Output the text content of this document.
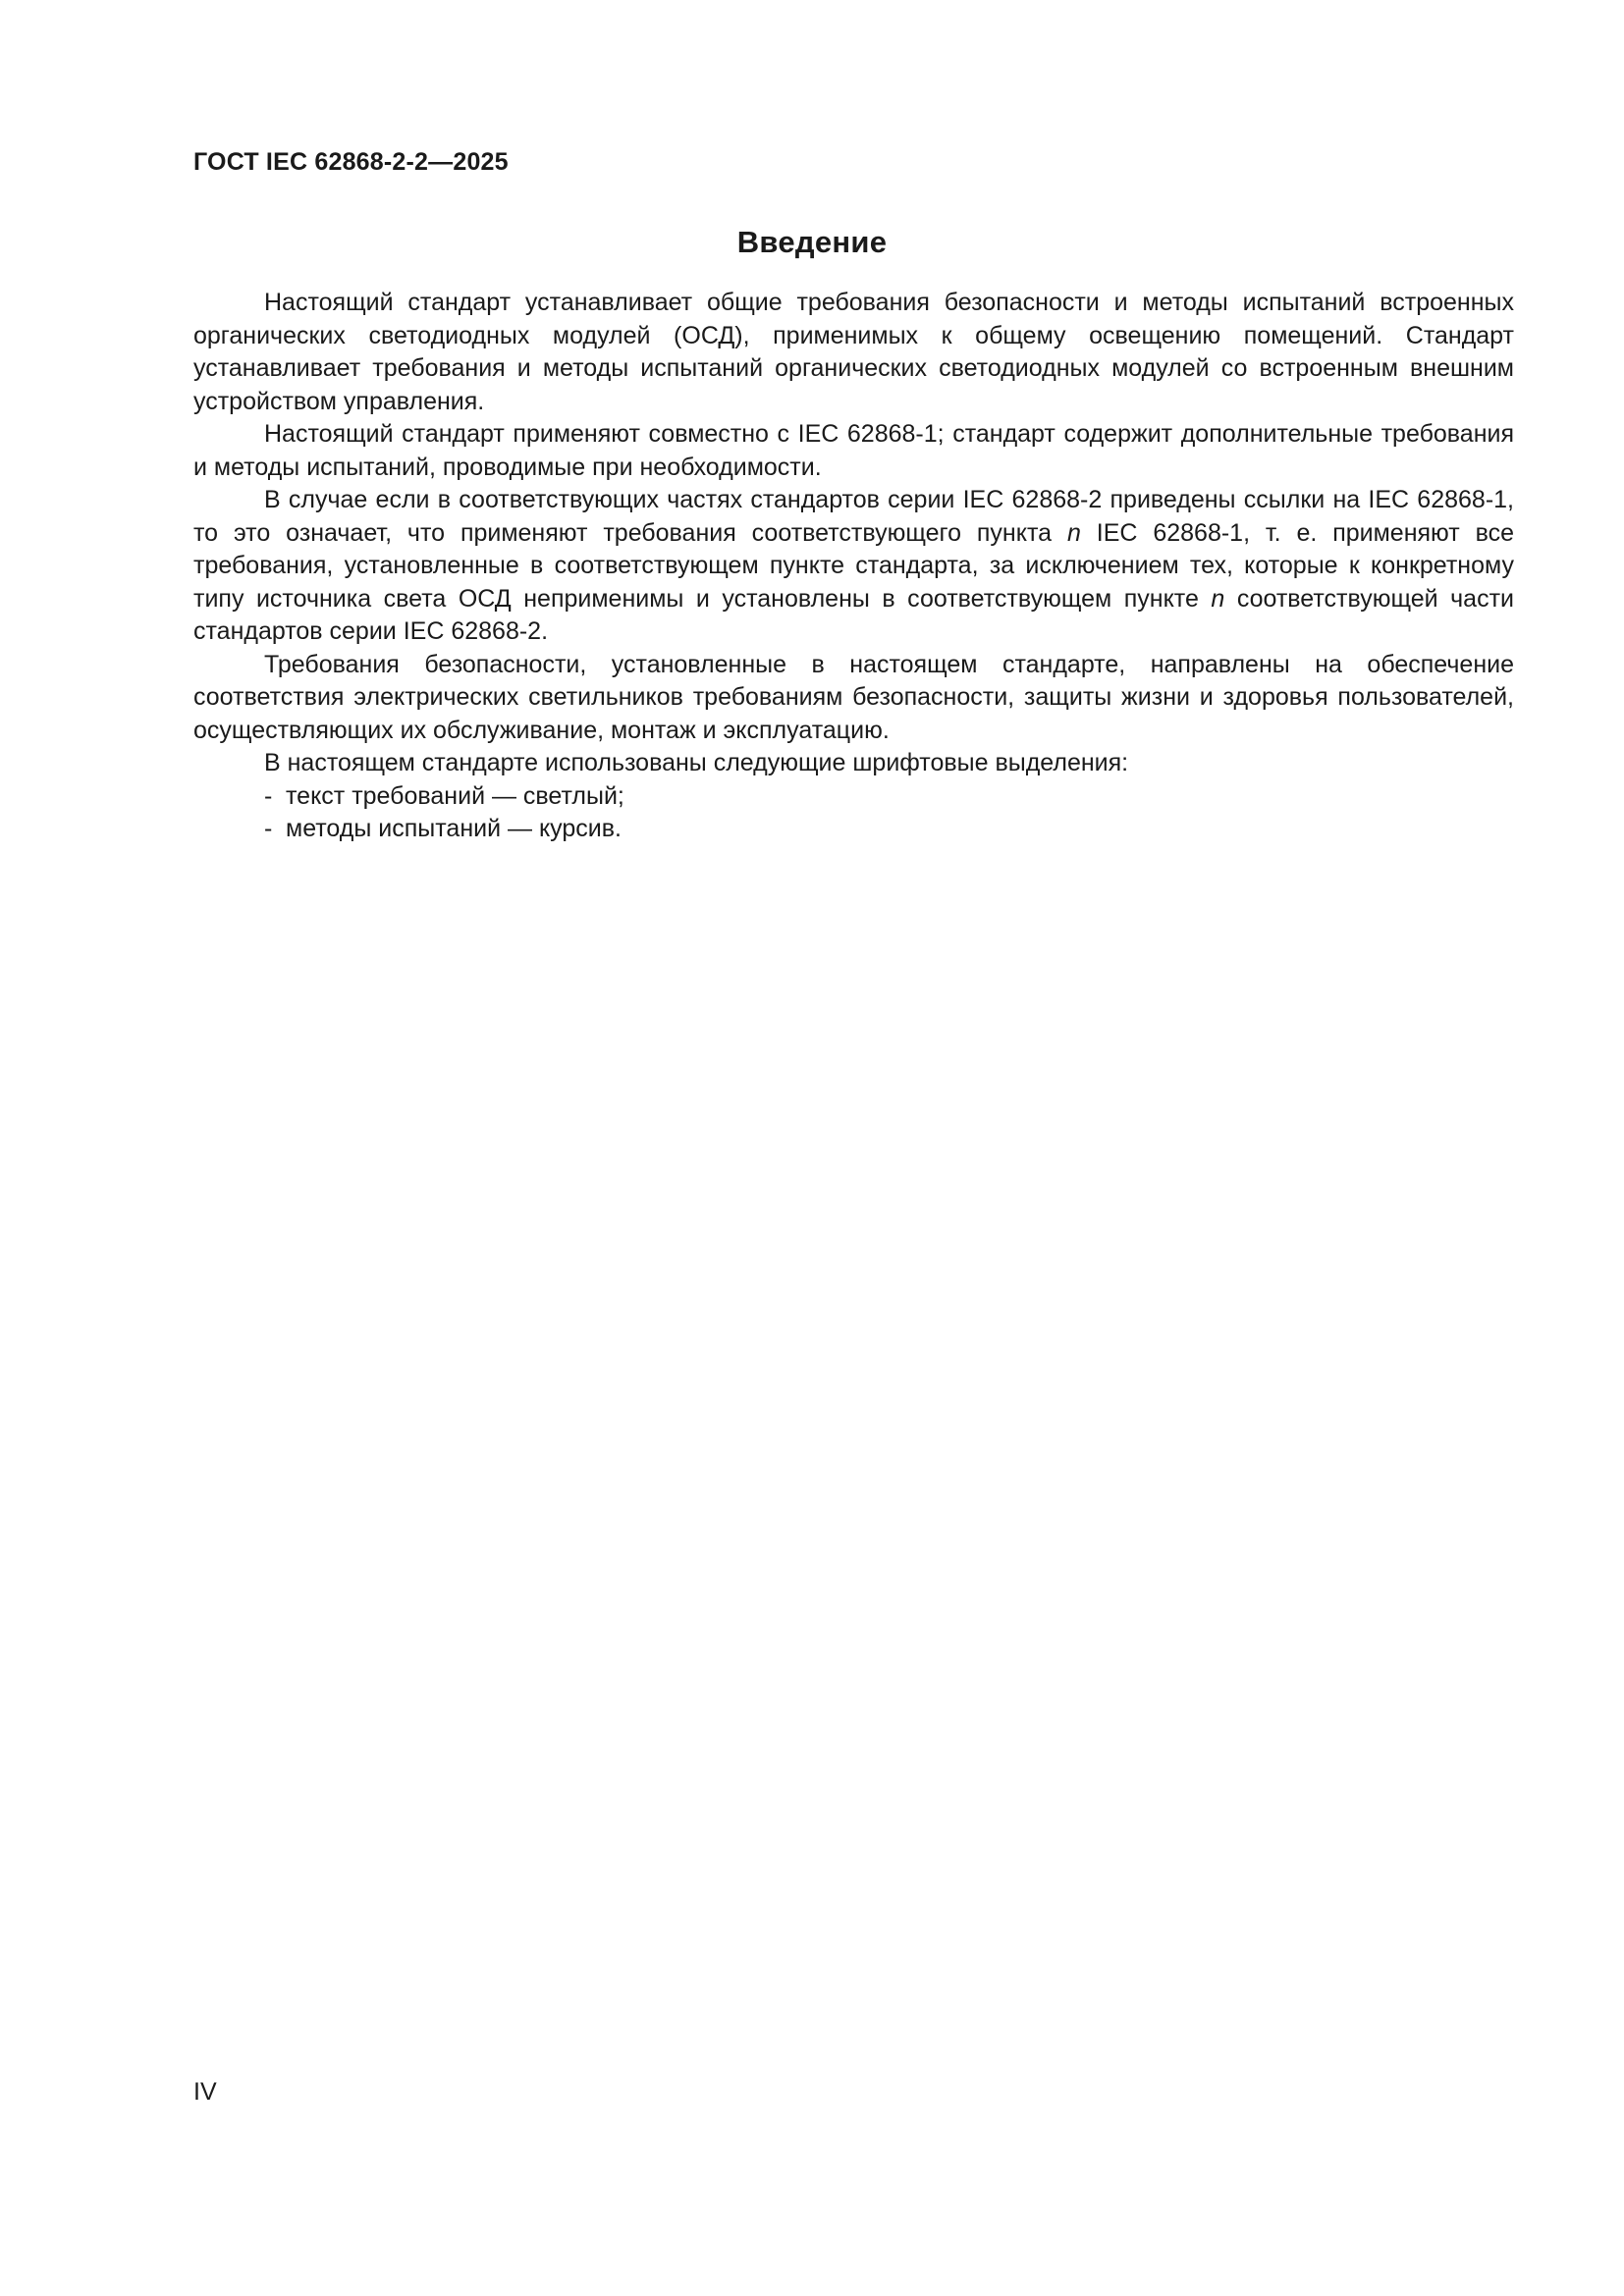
ГОСТ IEC 62868-2-2—2025
Введение

Настоящий стандарт устанавливает общие требования безопасности и методы испытаний встроенных органических светодиодных модулей (ОСД), применимых к общему освещению помещений. Стандарт устанавливает требования и методы испытаний органических светодиодных модулей со встроенным внешним устройством управления.

Настоящий стандарт применяют совместно с IEC 62868-1; стандарт содержит дополнительные требования и методы испытаний, проводимые при необходимости.

В случае если в соответствующих частях стандартов серии IEC 62868-2 приведены ссылки на IEC 62868-1, то это означает, что применяют требования соответствующего пункта n IEC 62868-1, т. е. применяют все требования, установленные в соответствующем пункте стандарта, за исключением тех, которые к конкретному типу источника света ОСД неприменимы и установлены в соответствующем пункте n соответствующей части стандартов серии IEC 62868-2.

Требования безопасности, установленные в настоящем стандарте, направлены на обеспечение соответствия электрических светильников требованиям безопасности, защиты жизни и здоровья пользователей, осуществляющих их обслуживание, монтаж и эксплуатацию.

В настоящем стандарте использованы следующие шрифтовые выделения:

- текст требований — светлый;
- методы испытаний — курсив.
IV
